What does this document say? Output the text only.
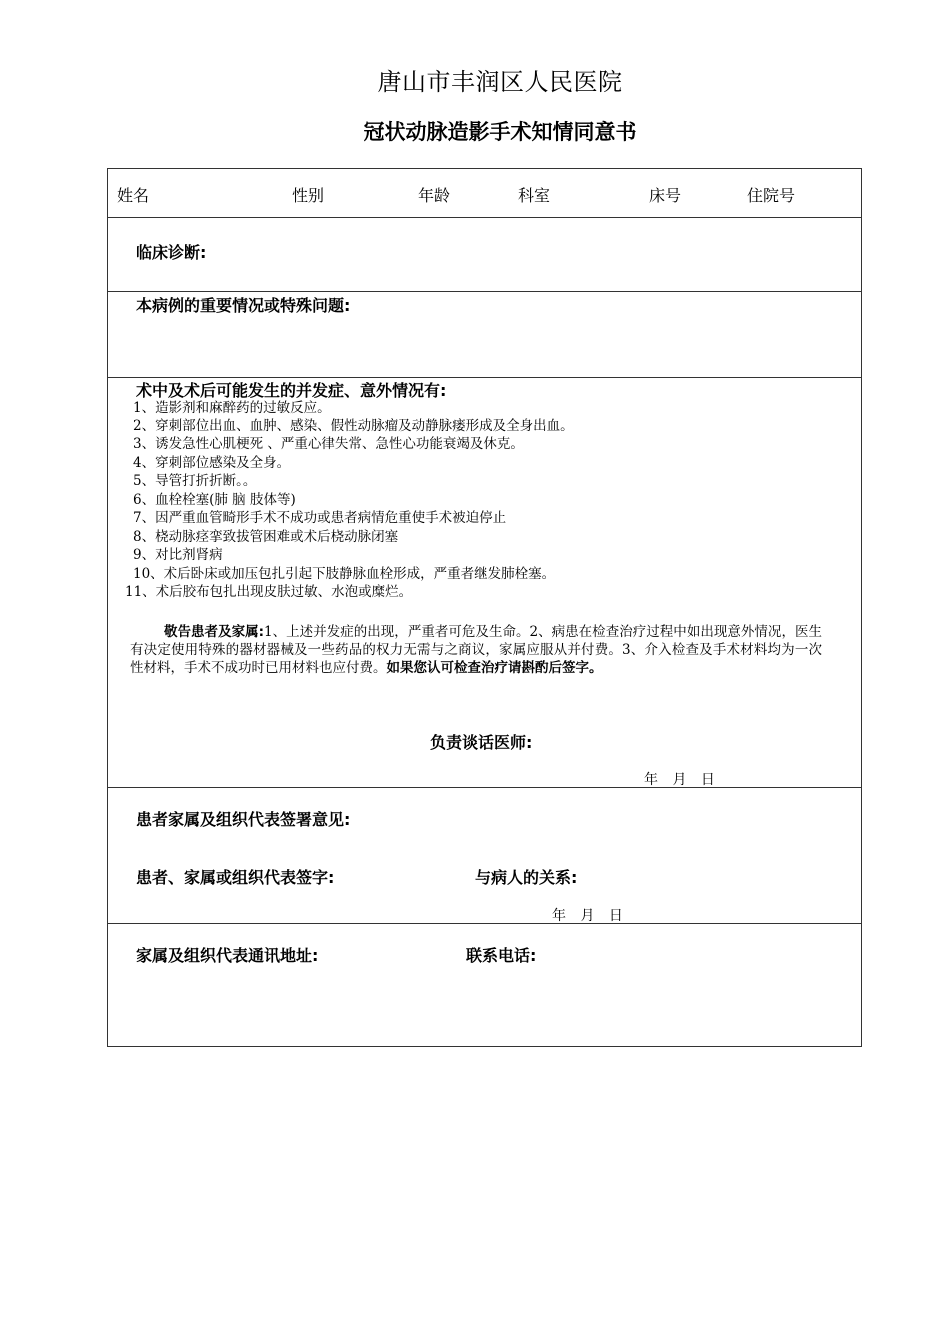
唐山市丰润区人民医院
冠状动脉造影手术知情同意书
姓名	性别	年龄	科室	床号	住院号
临床诊断:
本病例的重要情况或特殊问题:
术中及术后可能发生的并发症、意外情况有:
1、造影剂和麻醉药的过敏反应。
2、穿刺部位出血、血肿、感染、假性动脉瘤及动静脉瘘形成及全身出血。
3、诱发急性心肌梗死 、严重心律失常、急性心功能衰竭及休克。
4、穿刺部位感染及全身。
5、导管打折折断。。
6、血栓栓塞(肺 脑 肢体等)
7、因严重血管畸形手术不成功或患者病情危重使手术被迫停止
8、桡动脉痉挛致拔管困难或术后桡动脉闭塞
9、对比剂肾病
10、术后卧床或加压包扎引起下肢静脉血栓形成，严重者继发肺栓塞。
11、术后胶布包扎出现皮肤过敏、水泡或糜烂。
敬告患者及家属:1、上述并发症的出现，严重者可危及生命。2、病患在检查治疗过程中如出现意外情况，医生有决定使用特殊的器材器械及一些药品的权力无需与之商议，家属应服从并付费。3、介入检查及手术材料均为一次性材料，手术不成功时已用材料也应付费。如果您认可检查治疗请斟酌后签字。
负责谈话医师:
年 月 日
患者家属及组织代表签署意见:
患者、家属或组织代表签字:	与病人的关系:
年 月 日
家属及组织代表通讯地址:	联系电话:
